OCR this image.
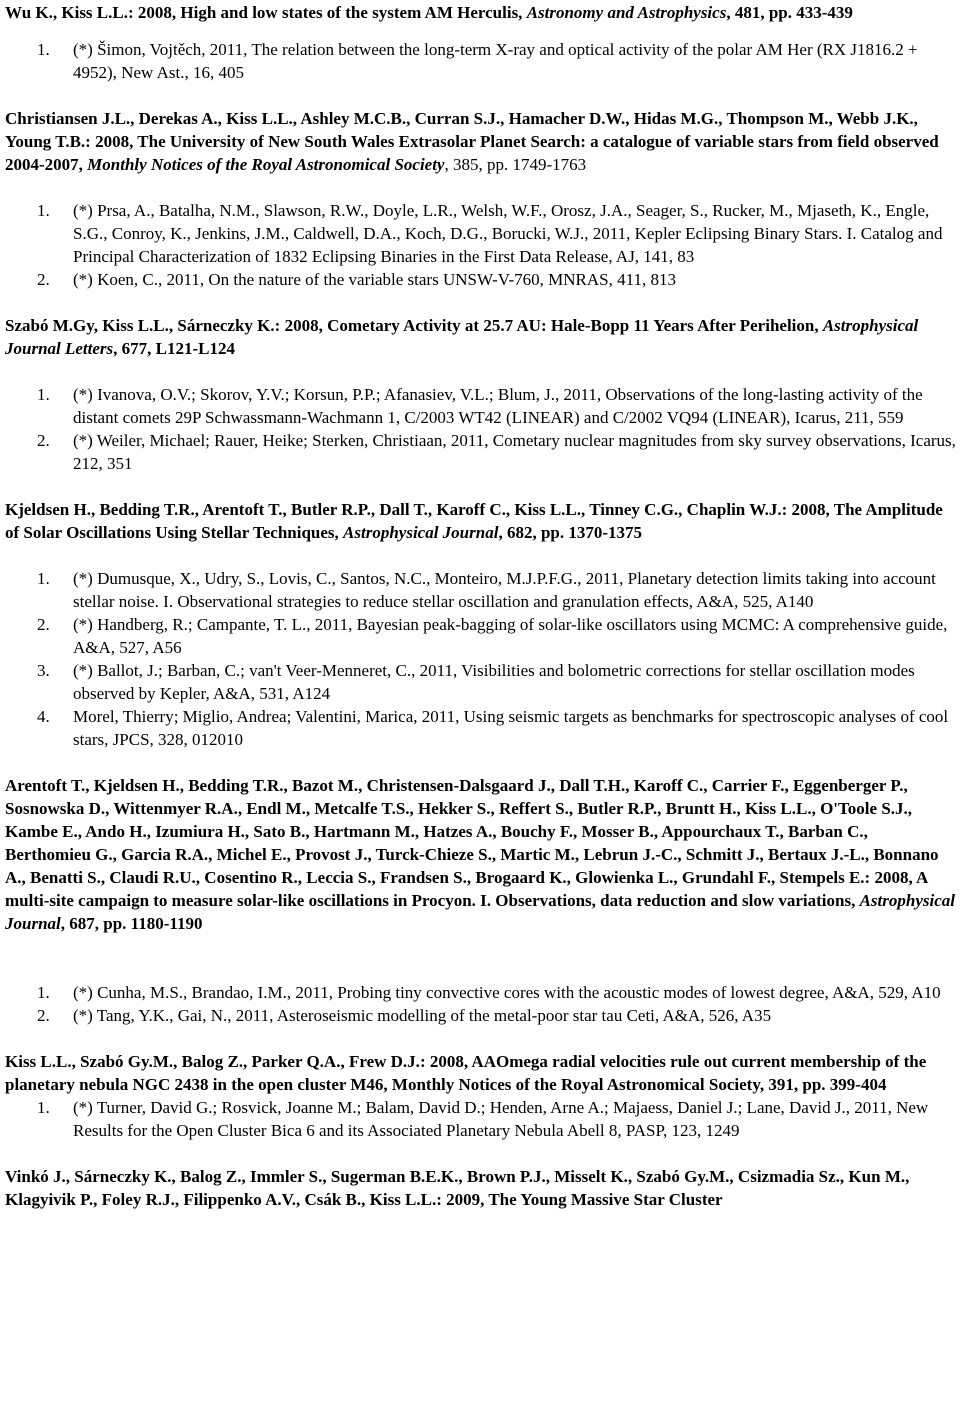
Wu K., Kiss L.L.: 2008, High and low states of the system AM Herculis, Astronomy and Astrophysics, 481, pp. 433-439

1. (*) Šimon, Vojtěch, 2011, The relation between the long-term X-ray and optical activity of the polar AM Her (RX J1816.2 + 4952), New Ast., 16, 405

Christiansen J.L., Derekas A., Kiss L.L., Ashley M.C.B., Curran S.J., Hamacher D.W., Hidas M.G., Thompson M., Webb J.K., Young T.B.: 2008, The University of New South Wales Extrasolar Planet Search: a catalogue of variable stars from field observed 2004-2007, Monthly Notices of the Royal Astronomical Society, 385, pp. 1749-1763

1. (*) Prsa, A., Batalha, N.M., Slawson, R.W., Doyle, L.R., Welsh, W.F., Orosz, J.A., Seager, S., Rucker, M., Mjaseth, K., Engle, S.G., Conroy, K., Jenkins, J.M., Caldwell, D.A., Koch, D.G., Borucki, W.J., 2011, Kepler Eclipsing Binary Stars. I. Catalog and Principal Characterization of 1832 Eclipsing Binaries in the First Data Release, AJ, 141, 83
2. (*) Koen, C., 2011, On the nature of the variable stars UNSW-V-760, MNRAS, 411, 813

Szabó M.Gy, Kiss L.L., Sárneczky K.: 2008, Cometary Activity at 25.7 AU: Hale-Bopp 11 Years After Perihelion, Astrophysical Journal Letters, 677, L121-L124

1. (*) Ivanova, O.V.; Skorov, Y.V.; Korsun, P.P.; Afanasiev, V.L.; Blum, J., 2011, Observations of the long-lasting activity of the distant comets 29P Schwassmann-Wachmann 1, C/2003 WT42 (LINEAR) and C/2002 VQ94 (LINEAR), Icarus, 211, 559
2. (*) Weiler, Michael; Rauer, Heike; Sterken, Christiaan, 2011, Cometary nuclear magnitudes from sky survey observations, Icarus, 212, 351

Kjeldsen H., Bedding T.R., Arentoft T., Butler R.P., Dall T., Karoff C., Kiss L.L., Tinney C.G., Chaplin W.J.: 2008, The Amplitude of Solar Oscillations Using Stellar Techniques, Astrophysical Journal, 682, pp. 1370-1375

1. (*) Dumusque, X., Udry, S., Lovis, C., Santos, N.C., Monteiro, M.J.P.F.G., 2011, Planetary detection limits taking into account stellar noise. I. Observational strategies to reduce stellar oscillation and granulation effects, A&A, 525, A140
2. (*) Handberg, R.; Campante, T. L., 2011, Bayesian peak-bagging of solar-like oscillators using MCMC: A comprehensive guide, A&A, 527, A56
3. (*) Ballot, J.; Barban, C.; van't Veer-Menneret, C., 2011, Visibilities and bolometric corrections for stellar oscillation modes observed by Kepler, A&A, 531, A124
4. Morel, Thierry; Miglio, Andrea; Valentini, Marica, 2011, Using seismic targets as benchmarks for spectroscopic analyses of cool stars, JPCS, 328, 012010

Arentoft T., Kjeldsen H., Bedding T.R., Bazot M., Christensen-Dalsgaard J., Dall T.H., Karoff C., Carrier F., Eggenberger P., Sosnowska D., Wittenmyer R.A., Endl M., Metcalfe T.S., Hekker S., Reffert S., Butler R.P., Bruntt H., Kiss L.L., O'Toole S.J., Kambe E., Ando H., Izumiura H., Sato B., Hartmann M., Hatzes A., Bouchy F., Mosser B., Appourchaux T., Barban C., Berthomieu G., Garcia R.A., Michel E., Provost J., Turck-Chieze S., Martic M., Lebrun J.-C., Schmitt J., Bertaux J.-L., Bonnano A., Benatti S., Claudi R.U., Cosentino R., Leccia S., Frandsen S., Brogaard K., Glowienka L., Grundahl F., Stempels E.: 2008, A multi-site campaign to measure solar-like oscillations in Procyon. I. Observations, data reduction and slow variations, Astrophysical Journal, 687, pp. 1180-1190

1. (*) Cunha, M.S., Brandao, I.M., 2011, Probing tiny convective cores with the acoustic modes of lowest degree, A&A, 529, A10
2. (*) Tang, Y.K., Gai, N., 2011, Asteroseismic modelling of the metal-poor star tau Ceti, A&A, 526, A35

Kiss L.L., Szabó Gy.M., Balog Z., Parker Q.A., Frew D.J.: 2008, AAOmega radial velocities rule out current membership of the planetary nebula NGC 2438 in the open cluster M46, Monthly Notices of the Royal Astronomical Society, 391, pp. 399-404

1. (*) Turner, David G.; Rosvick, Joanne M.; Balam, David D.; Henden, Arne A.; Majaess, Daniel J.; Lane, David J., 2011, New Results for the Open Cluster Bica 6 and its Associated Planetary Nebula Abell 8, PASP, 123, 1249

Vinkó J., Sárneczky K., Balog Z., Immler S., Sugerman B.E.K., Brown P.J., Misselt K., Szabó Gy.M., Csizmadia Sz., Kun M., Klagyivik P., Foley R.J., Filippenko A.V., Csák B., Kiss L.L.: 2009, The Young Massive Star Cluster
